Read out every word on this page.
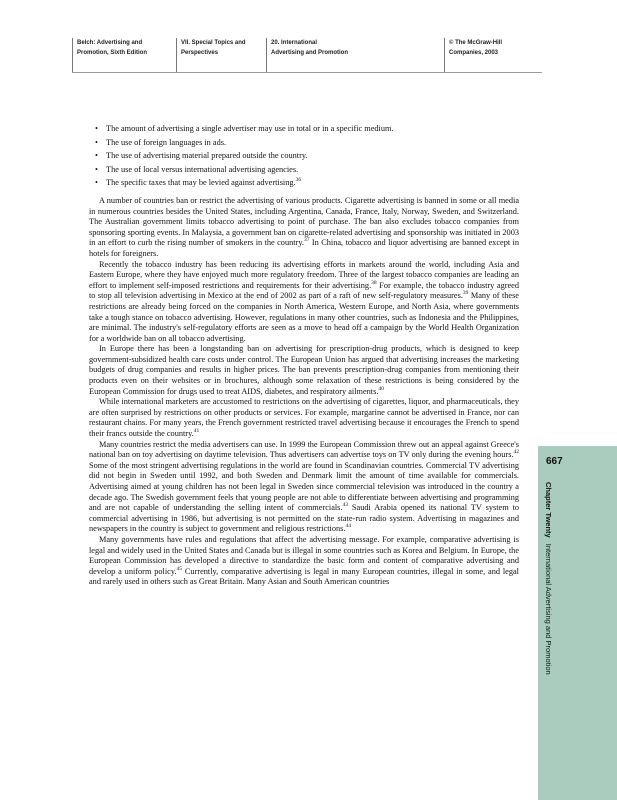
Belch: Advertising and
Promotion, Sixth Edition
VII. Special Topics and
Perspectives
20. International
Advertising and Promotion
© The McGraw-Hill
Companies, 2003
• The amount of advertising a single advertiser may use in total or in a specific medium.
• The use of foreign languages in ads.
• The use of advertising material prepared outside the country.
• The use of local versus international advertising agencies.
• The specific taxes that may be levied against advertising.$^{36}$

A number of countries ban or restrict the advertising of various products. Cigarette advertising is banned in some or all media in numerous countries besides the United States, including Argentina, Canada, France, Italy, Norway, Sweden, and Switzerland. The Australian government limits tobacco advertising to point of purchase. The ban also excludes tobacco companies from sponsoring sporting events. In Malaysia, a government ban on cigarette-related advertising and sponsorship was initiated in 2003 in an effort to curb the rising number of smokers in the country.$^{37}$ In China, tobacco and liquor advertising are banned except in hotels for foreigners.

Recently the tobacco industry has been reducing its advertising efforts in markets around the world, including Asia and Eastern Europe, where they have enjoyed much more regulatory freedom. Three of the largest tobacco companies are leading an effort to implement self-imposed restrictions and requirements for their advertising.$^{38}$ For example, the tobacco industry agreed to stop all television advertising in Mexico at the end of 2002 as part of a raft of new self-regulatory measures.$^{39}$ Many of these restrictions are already being forced on the companies in North America, Western Europe, and North Asia, where governments take a tough stance on tobacco advertising. However, regulations in many other countries, such as Indonesia and the Philippines, are minimal. The industry's self-regulatory efforts are seen as a move to head off a campaign by the World Health Organization for a worldwide ban on all tobacco advertising.

In Europe there has been a longstanding ban on advertising for prescription-drug products, which is designed to keep government-subsidized health care costs under control. The European Union has argued that advertising increases the marketing budgets of drug companies and results in higher prices. The ban prevents prescription-drug companies from mentioning their products even on their websites or in brochures, although some relaxation of these restrictions is being considered by the European Commission for drugs used to treat AIDS, diabetes, and respiratory ailments.$^{40}$

While international marketers are accustomed to restrictions on the advertising of cigarettes, liquor, and pharmaceuticals, they are often surprised by restrictions on other products or services. For example, margarine cannot be advertised in France, nor can restaurant chains. For many years, the French government restricted travel advertising because it encourages the French to spend their francs outside the country.$^{41}$

Many countries restrict the media advertisers can use. In 1999 the European Commission threw out an appeal against Greece's national ban on toy advertising on daytime television. Thus advertisers can advertise toys on TV only during the evening hours.$^{42}$ Some of the most stringent advertising regulations in the world are found in Scandinavian countries. Commercial TV advertising did not begin in Sweden until 1992, and both Sweden and Denmark limit the amount of time available for commercials. Advertising aimed at young children has not been legal in Sweden since commercial television was introduced in the country a decade ago. The Swedish government feels that young people are not able to differentiate between advertising and programming and are not capable of understanding the selling intent of commercials.$^{43}$ Saudi Arabia opened its national TV system to commercial advertising in 1986, but advertising is not permitted on the state-run radio system. Advertising in magazines and newspapers in the country is subject to government and religious restrictions.$^{44}$

Many governments have rules and regulations that affect the advertising message. For example, comparative advertising is legal and widely used in the United States and Canada but is illegal in some countries such as Korea and Belgium. In Europe, the European Commission has developed a directive to standardize the basic form and content of comparative advertising and develop a uniform policy.$^{45}$ Currently, comparative advertising is legal in many European countries, illegal in some, and legal and rarely used in others such as Great Britain. Many Asian and South American countries

667
Chapter Twenty International Advertising and Promotion
